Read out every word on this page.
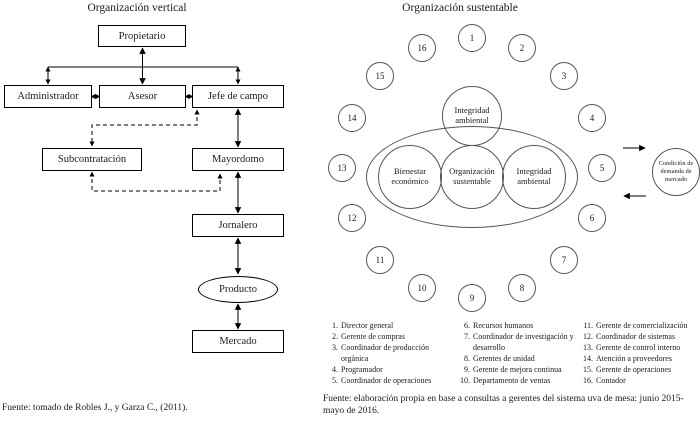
Organización vertical
Propietario
Administrador	Asesor	Jefe de campo
Subcontratación	Mayordomo
Jornalero
Producto
Mercado
Fuente: tomado de Robles J., y Garza C., (2011).
Organización sustentable
1
2
3
4
5
6
7
8
9
10
11
12
13
14
15
16
Integridad ambiental
Bienestar económico
Organización sustentable
Integridad ambiental
Condición de demanda de mercado
1. Director general
2. Gerente de compras
3. Coordinador de producción orgánica
4. Programador
5. Coordinador de operaciones
6. Recursos humanos
7. Coordinador de investigación y desarrollo
8. Gerentes de unidad
9. Gerente de mejora continua
10. Departamento de ventas
11. Gerente de comercialización
12. Coordinador de sistemas
13. Gerente de control interno
14. Atención a proveedores
15. Gerente de operaciones
16. Contador
Fuente: elaboración propia en base a consultas a gerentes del sistema uva de mesa: junio 2015-mayo de 2016.
